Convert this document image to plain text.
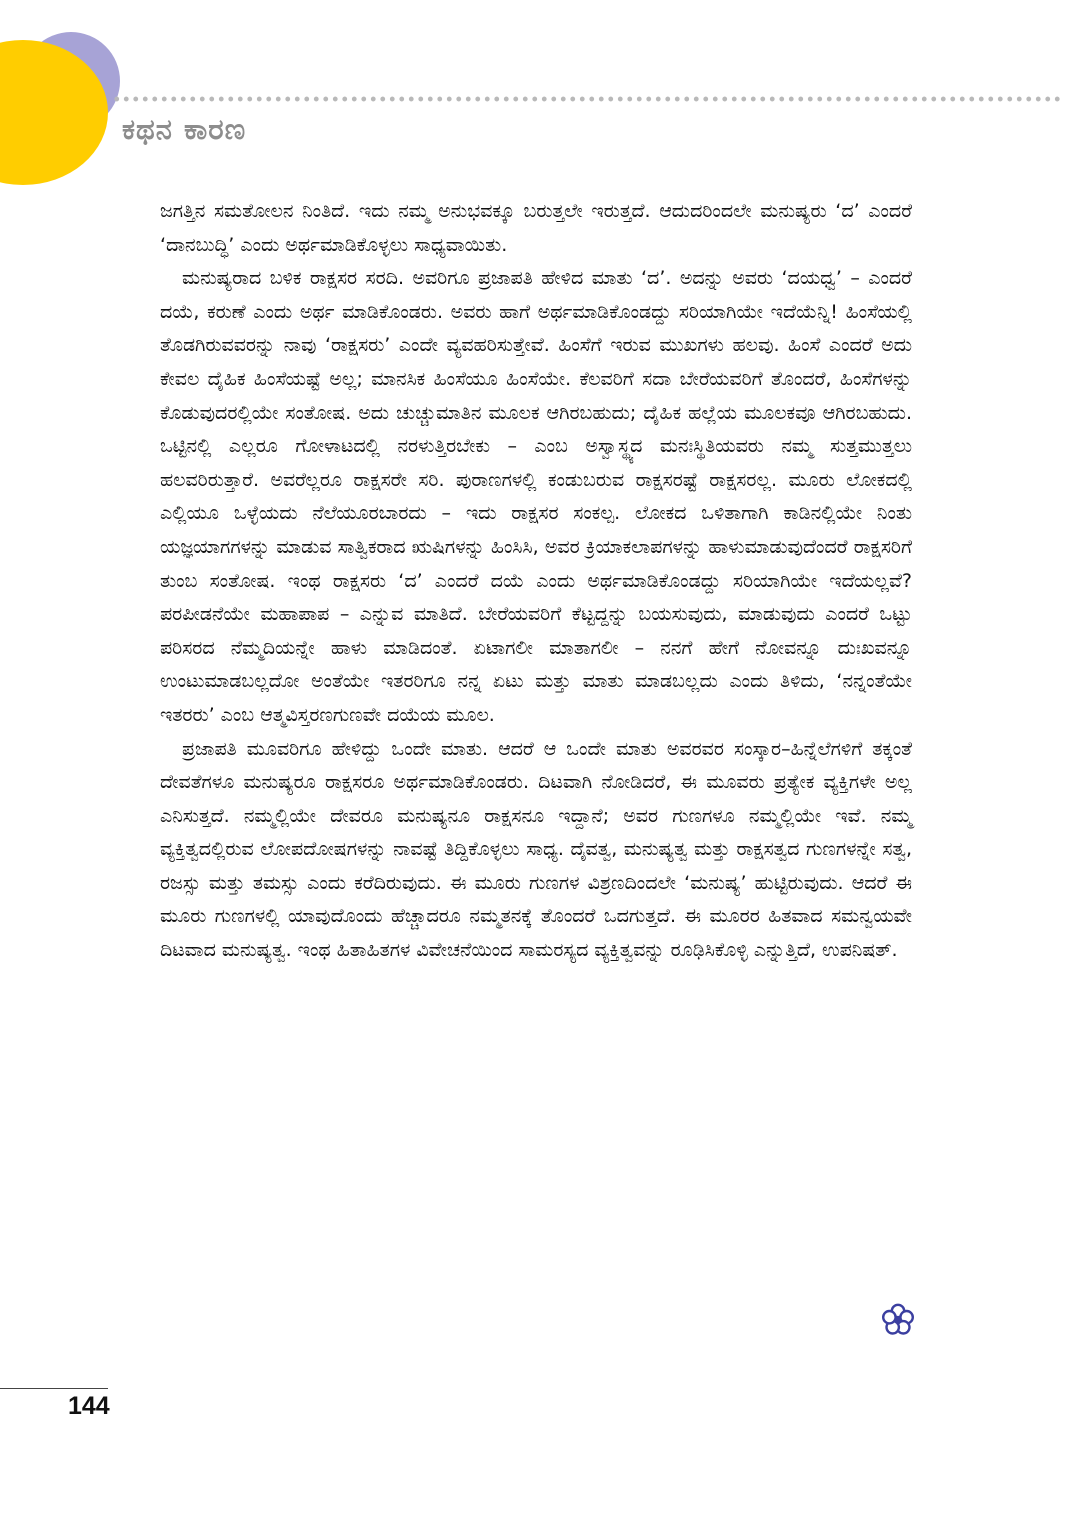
ಕಥನ ಕಾರಣ

ಜಗತ್ತಿನ ಸಮತೋಲನ ನಿಂತಿದೆ. ಇದು ನಮ್ಮ ಅನುಭವಕ್ಕೂ ಬರುತ್ತಲೇ ಇರುತ್ತದೆ. ಆದುದರಿಂದಲೇ ಮನುಷ್ಯರು ‘ದ’ ಎಂದರೆ ‘ದಾನಬುದ್ಧಿ’ ಎಂದು ಅರ್ಥಮಾಡಿಕೊಳ್ಳಲು ಸಾಧ್ಯವಾಯಿತು.

ಮನುಷ್ಯರಾದ ಬಳಿಕ ರಾಕ್ಷಸರ ಸರದಿ. ಅವರಿಗೂ ಪ್ರಜಾಪತಿ ಹೇಳಿದ ಮಾತು ‘ದ’. ಅದನ್ನು ಅವರು ‘ದಯಧ್ವ’ – ಎಂದರೆ ದಯೆ, ಕರುಣೆ ಎಂದು ಅರ್ಥ ಮಾಡಿಕೊಂಡರು. ಅವರು ಹಾಗೆ ಅರ್ಥಮಾಡಿಕೊಂಡದ್ದು ಸರಿಯಾಗಿಯೇ ಇದೆಯೆನ್ನಿ! ಹಿಂಸೆಯಲ್ಲಿ ತೊಡಗಿರುವವರನ್ನು ನಾವು ‘ರಾಕ್ಷಸರು’ ಎಂದೇ ವ್ಯವಹರಿಸುತ್ತೇವೆ. ಹಿಂಸೆಗೆ ಇರುವ ಮುಖಗಳು ಹಲವು. ಹಿಂಸೆ ಎಂದರೆ ಅದು ಕೇವಲ ದೈಹಿಕ ಹಿಂಸೆಯಷ್ಟೆ ಅಲ್ಲ; ಮಾನಸಿಕ ಹಿಂಸೆಯೂ ಹಿಂಸೆಯೇ. ಕೆಲವರಿಗೆ ಸದಾ ಬೇರೆಯವರಿಗೆ ತೊಂದರೆ, ಹಿಂಸೆಗಳನ್ನು ಕೊಡುವುದರಲ್ಲಿಯೇ ಸಂತೋಷ. ಅದು ಚುಚ್ಚುಮಾತಿನ ಮೂಲಕ ಆಗಿರಬಹುದು; ದೈಹಿಕ ಹಲ್ಲೆಯ ಮೂಲಕವೂ ಆಗಿರಬಹುದು. ಒಟ್ಟಿನಲ್ಲಿ ಎಲ್ಲರೂ ಗೋಳಾಟದಲ್ಲಿ ನರಳುತ್ತಿರಬೇಕು – ಎಂಬ ಅಸ್ವಾಸ್ಥ್ಯದ ಮನಃಸ್ಥಿತಿಯವರು ನಮ್ಮ ಸುತ್ತಮುತ್ತಲು ಹಲವರಿರುತ್ತಾರೆ. ಅವರೆಲ್ಲರೂ ರಾಕ್ಷಸರೇ ಸರಿ. ಪುರಾಣಗಳಲ್ಲಿ ಕಂಡುಬರುವ ರಾಕ್ಷಸರಷ್ಟೆ ರಾಕ್ಷಸರಲ್ಲ. ಮೂರು ಲೋಕದಲ್ಲಿ ಎಲ್ಲಿಯೂ ಒಳ್ಳೆಯದು ನೆಲೆಯೂರಬಾರದು – ಇದು ರಾಕ್ಷಸರ ಸಂಕಲ್ಪ. ಲೋಕದ ಒಳಿತಾಗಾಗಿ ಕಾಡಿನಲ್ಲಿಯೇ ನಿಂತು ಯಜ್ಞಯಾಗಗಳನ್ನು ಮಾಡುವ ಸಾತ್ವಿಕರಾದ ಋಷಿಗಳನ್ನು ಹಿಂಸಿಸಿ, ಅವರ ಕ್ರಿಯಾಕಲಾಪಗಳನ್ನು ಹಾಳುಮಾಡುವುದೆಂದರೆ ರಾಕ್ಷಸರಿಗೆ ತುಂಬ ಸಂತೋಷ. ಇಂಥ ರಾಕ್ಷಸರು ‘ದ’ ಎಂದರೆ ದಯೆ ಎಂದು ಅರ್ಥಮಾಡಿಕೊಂಡದ್ದು ಸರಿಯಾಗಿಯೇ ಇದೆಯಲ್ಲವೆ? ಪರಪೀಡನೆಯೇ ಮಹಾಪಾಪ – ಎನ್ನುವ ಮಾತಿದೆ. ಬೇರೆಯವರಿಗೆ ಕೆಟ್ಟದ್ದನ್ನು ಬಯಸುವುದು, ಮಾಡುವುದು ಎಂದರೆ ಒಟ್ಟು ಪರಿಸರದ ನೆಮ್ಮದಿಯನ್ನೇ ಹಾಳು ಮಾಡಿದಂತೆ. ಏಟಾಗಲೀ ಮಾತಾಗಲೀ – ನನಗೆ ಹೇಗೆ ನೋವನ್ನೂ ದುಃಖವನ್ನೂ ಉಂಟುಮಾಡಬಲ್ಲದೋ ಅಂತೆಯೇ ಇತರರಿಗೂ ನನ್ನ ಏಟು ಮತ್ತು ಮಾತು ಮಾಡಬಲ್ಲದು ಎಂದು ತಿಳಿದು, ‘ನನ್ನಂತೆಯೇ ಇತರರು’ ಎಂಬ ಆತ್ಮವಿಸ್ತರಣಗುಣವೇ ದಯೆಯ ಮೂಲ.

ಪ್ರಜಾಪತಿ ಮೂವರಿಗೂ ಹೇಳಿದ್ದು ಒಂದೇ ಮಾತು. ಆದರೆ ಆ ಒಂದೇ ಮಾತು ಅವರವರ ಸಂಸ್ಕಾರ–ಹಿನ್ನೆಲೆಗಳಿಗೆ ತಕ್ಕಂತೆ ದೇವತೆಗಳೂ ಮನುಷ್ಯರೂ ರಾಕ್ಷಸರೂ ಅರ್ಥಮಾಡಿಕೊಂಡರು. ದಿಟವಾಗಿ ನೋಡಿದರೆ, ಈ ಮೂವರು ಪ್ರತ್ಯೇಕ ವ್ಯಕ್ತಿಗಳೇ ಅಲ್ಲ ಎನಿಸುತ್ತದೆ. ನಮ್ಮಲ್ಲಿಯೇ ದೇವರೂ ಮನುಷ್ಯನೂ ರಾಕ್ಷಸನೂ ಇದ್ದಾನೆ; ಅವರ ಗುಣಗಳೂ ನಮ್ಮಲ್ಲಿಯೇ ಇವೆ. ನಮ್ಮ ವ್ಯಕ್ತಿತ್ವದಲ್ಲಿರುವ ಲೋಪದೋಷಗಳನ್ನು ನಾವಷ್ಟೆ ತಿದ್ದಿಕೊಳ್ಳಲು ಸಾಧ್ಯ. ದೈವತ್ವ, ಮನುಷ್ಯತ್ವ ಮತ್ತು ರಾಕ್ಷಸತ್ವದ ಗುಣಗಳನ್ನೇ ಸತ್ವ, ರಜಸ್ಸು ಮತ್ತು ತಮಸ್ಸು ಎಂದು ಕರೆದಿರುವುದು. ಈ ಮೂರು ಗುಣಗಳ ವಿಶ್ರಣದಿಂದಲೇ ‘ಮನುಷ್ಯ’ ಹುಟ್ಟಿರುವುದು. ಆದರೆ ಈ ಮೂರು ಗುಣಗಳಲ್ಲಿ ಯಾವುದೊಂದು ಹೆಚ್ಚಾದರೂ ನಮ್ಮತನಕ್ಕೆ ತೊಂದರೆ ಒದಗುತ್ತದೆ. ಈ ಮೂರರ ಹಿತವಾದ ಸಮನ್ವಯವೇ ದಿಟವಾದ ಮನುಷ್ಯತ್ವ. ಇಂಥ ಹಿತಾಹಿತಗಳ ವಿವೇಚನೆಯಿಂದ ಸಾಮರಸ್ಯದ ವ್ಯಕ್ತಿತ್ವವನ್ನು ರೂಢಿಸಿಕೊಳ್ಳಿ ಎನ್ನುತ್ತಿದೆ, ಉಪನಿಷತ್.

144
